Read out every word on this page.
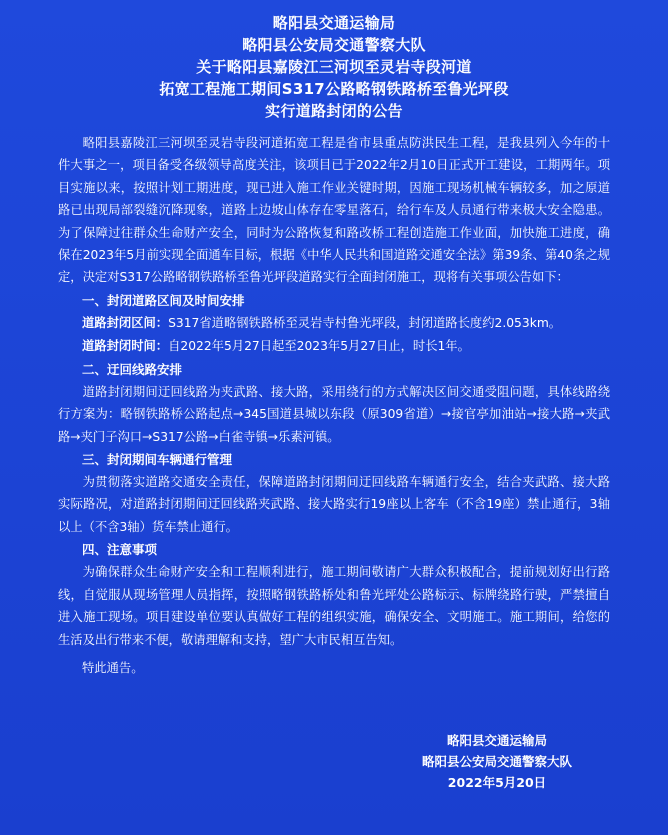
略阳县交通运输局
略阳县公安局交通警察大队
关于略阳县嘉陵江三河坝至灵岩寺段河道
拓宽工程施工期间S317公路略钢铁路桥至鲁光坪段
实行道路封闭的公告

略阳县嘉陵江三河坝至灵岩寺段河道拓宽工程是省市县重点防洪民生工程，是我县列入今年的十件大事之一，项目备受各级领导高度关注，该项目已于2022年2月10日正式开工建设，工期两年。项目实施以来，按照计划工期进度，现已进入施工作业关键时期，因施工现场机械车辆较多，加之原道路已出现局部裂缝沉降现象，道路上边坡山体存在零星落石，给行车及人员通行带来极大安全隐患。为了保障过往群众生命财产安全，同时为公路恢复和路改桥工程创造施工作业面，加快施工进度，确保在2023年5月前实现全面通车目标，根据《中华人民共和国道路交通安全法》第39条、第40条之规定，决定对S317公路略钢铁路桥至鲁光坪段道路实行全面封闭施工，现将有关事项公告如下：

一、封闭道路区间及时间安排

道路封闭区间：S317省道略钢铁路桥至灵岩寺村鲁光坪段，封闭道路长度约2.053km。

道路封闭时间：自2022年5月27日起至2023年5月27日止，时长1年。

二、迂回线路安排

道路封闭期间迂回线路为夹武路、接大路，采用绕行的方式解决区间交通受阻问题，具体线路绕行方案为：略钢铁路桥公路起点→345国道县城以东段（原309省道）→接官亭加油站→接大路→夹武路→夹门子沟口→S317公路→白雀寺镇→乐素河镇。

三、封闭期间车辆通行管理

为贯彻落实道路交通安全责任，保障道路封闭期间迂回线路车辆通行安全，结合夹武路、接大路实际路况，对道路封闭期间迂回线路夹武路、接大路实行19座以上客车（不含19座）禁止通行，3轴以上（不含3轴）货车禁止通行。

四、注意事项

为确保群众生命财产安全和工程顺利进行，施工期间敬请广大群众积极配合，提前规划好出行路线，自觉服从现场管理人员指挥，按照略钢铁路桥处和鲁光坪处公路标示、标牌绕路行驶，严禁擅自进入施工现场。项目建设单位要认真做好工程的组织实施，确保安全、文明施工。施工期间，给您的生活及出行带来不便，敬请理解和支持，望广大市民相互告知。

特此通告。

略阳县交通运输局
略阳县公安局交通警察大队
2022年5月20日
